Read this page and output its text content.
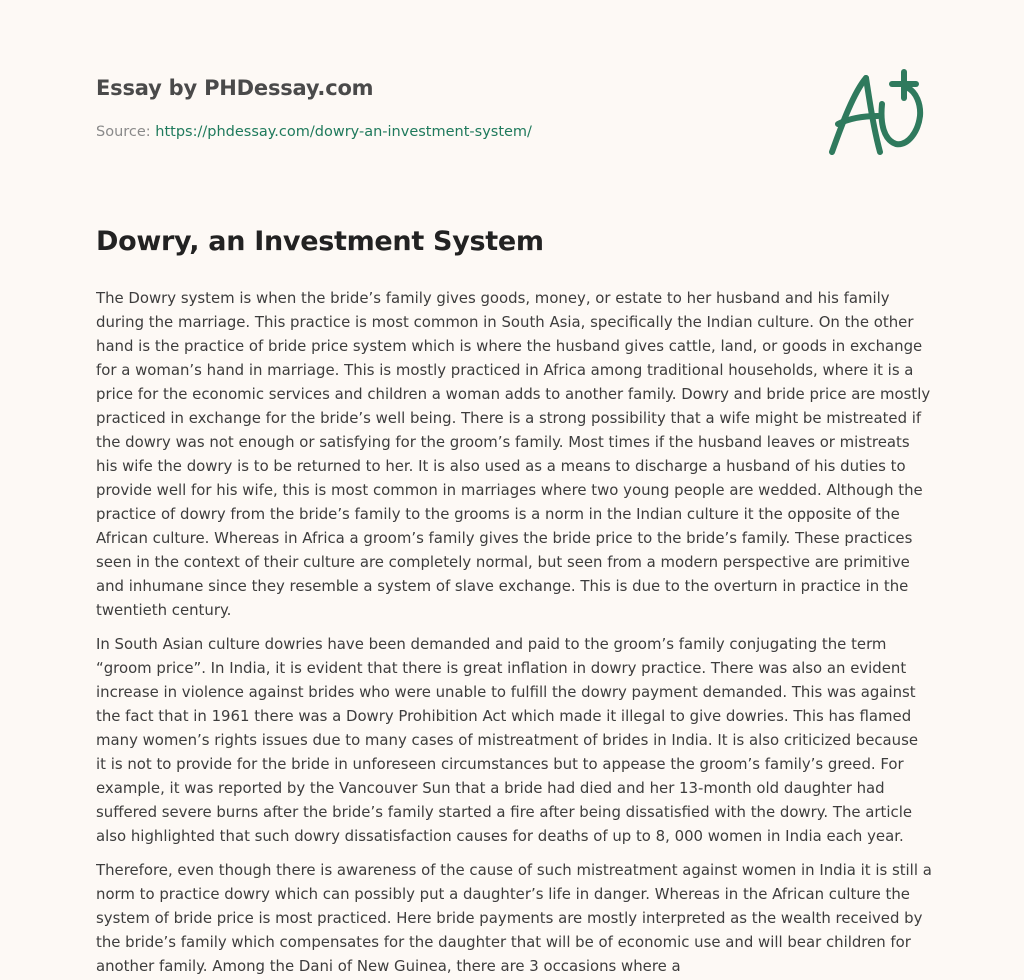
Essay by PHDessay.com

Source: https://phdessay.com/dowry-an-investment-system/

Dowry, an Investment System

The Dowry system is when the bride’s family gives goods, money, or estate to her husband and his family during the marriage. This practice is most common in South Asia, specifically the Indian culture. On the other hand is the practice of bride price system which is where the husband gives cattle, land, or goods in exchange for a woman’s hand in marriage. This is mostly practiced in Africa among traditional households, where it is a price for the economic services and children a woman adds to another family. Dowry and bride price are mostly practiced in exchange for the bride’s well being. There is a strong possibility that a wife might be mistreated if the dowry was not enough or satisfying for the groom’s family. Most times if the husband leaves or mistreats his wife the dowry is to be returned to her. It is also used as a means to discharge a husband of his duties to provide well for his wife, this is most common in marriages where two young people are wedded. Although the practice of dowry from the bride’s family to the grooms is a norm in the Indian culture it the opposite of the African culture. Whereas in Africa a groom’s family gives the bride price to the bride’s family. These practices seen in the context of their culture are completely normal, but seen from a modern perspective are primitive and inhumane since they resemble a system of slave exchange. This is due to the overturn in practice in the twentieth century.

In South Asian culture dowries have been demanded and paid to the groom’s family conjugating the term “groom price”. In India, it is evident that there is great inflation in dowry practice. There was also an evident increase in violence against brides who were unable to fulfill the dowry payment demanded. This was against the fact that in 1961 there was a Dowry Prohibition Act which made it illegal to give dowries. This has flamed many women’s rights issues due to many cases of mistreatment of brides in India. It is also criticized because it is not to provide for the bride in unforeseen circumstances but to appease the groom’s family’s greed. For example, it was reported by the Vancouver Sun that a bride had died and her 13-month old daughter had suffered severe burns after the bride’s family started a fire after being dissatisfied with the dowry. The article also highlighted that such dowry dissatisfaction causes for deaths of up to 8, 000 women in India each year.

Therefore, even though there is awareness of the cause of such mistreatment against women in India it is still a norm to practice dowry which can possibly put a daughter’s life in danger. Whereas in the African culture the system of bride price is most practiced. Here bride payments are mostly interpreted as the wealth received by the bride’s family which compensates for the daughter that will be of economic use and will bear children for another family. Among the Dani of New Guinea, there are 3 occasions where a
